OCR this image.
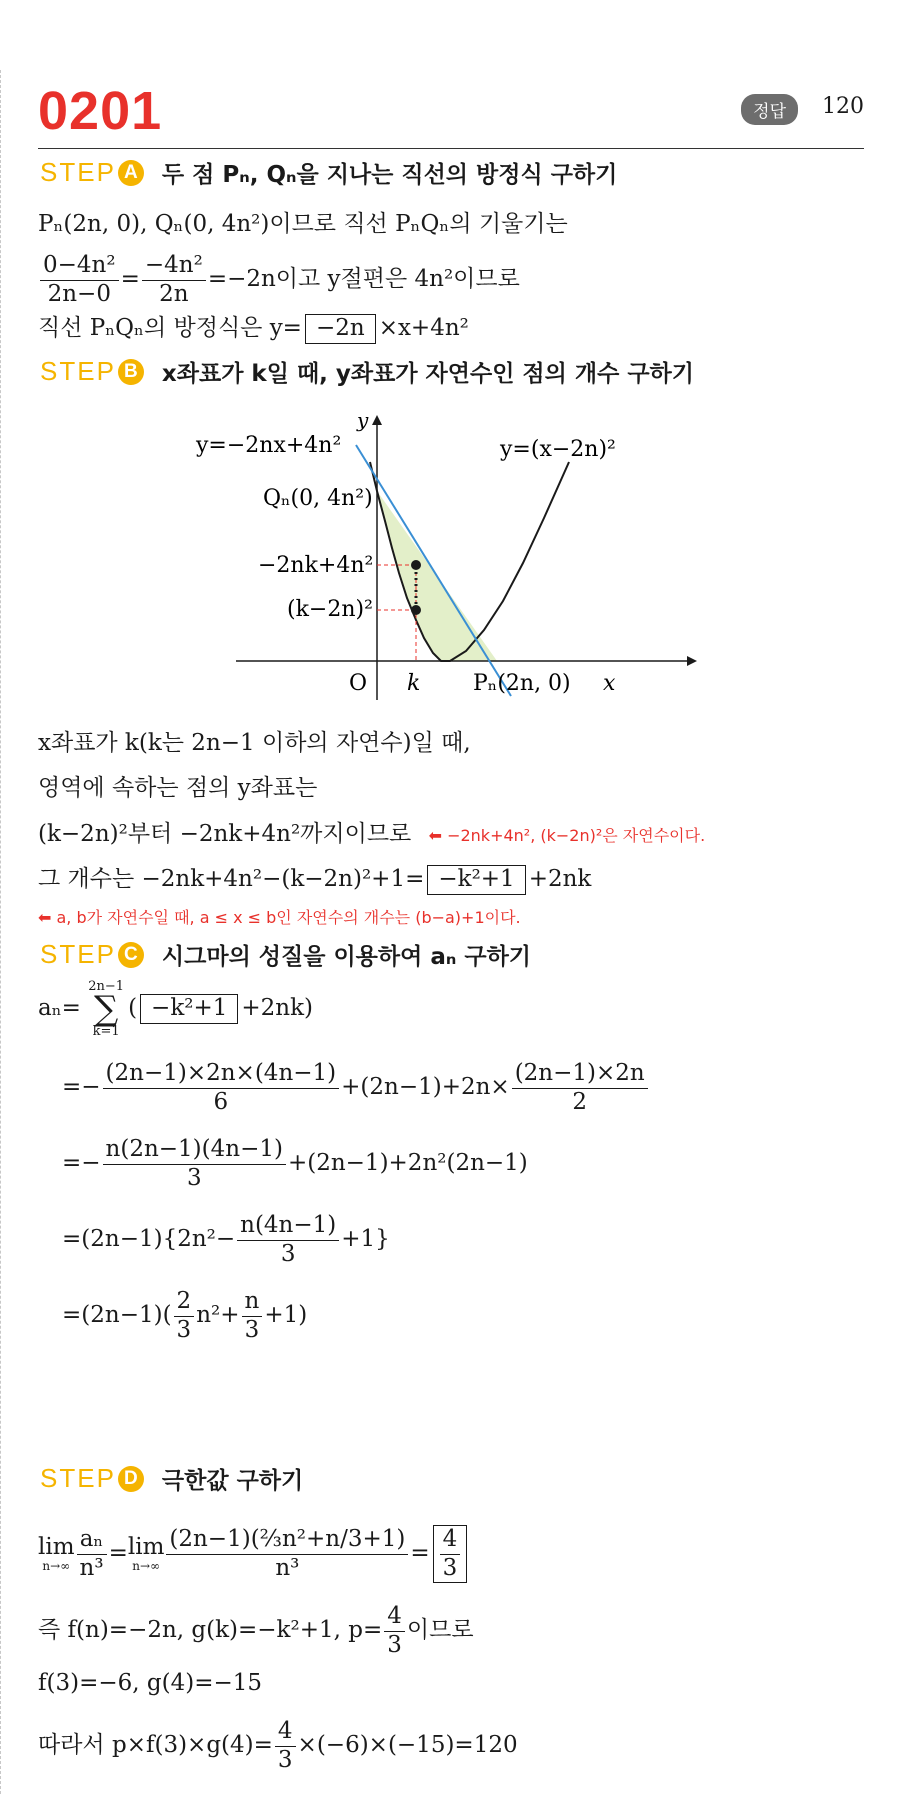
0201	정답	120
STEP A 두 점 Pₙ, Qₙ을 지나는 직선의 방정식 구하기
Pₙ(2n, 0), Qₙ(0, 4n²)이므로 직선 PₙQₙ의 기울기는
$\frac{\text{0−4n²}}{2n-0} = \frac{\text{−4n²}}{2n} =-2n$이고 y절편은 4n²이므로
직선 PₙQₙ의 방정식은 y= −2n ×x+4n²
STEP B x좌표가 k일 때, y좌표가 자연수인 점의 개수 구하기
y=−2nx+4n²	y=(x−2n)²
Qₙ(0, 4n²)
−2nk+4n²
(k−2n)²
O k Pₙ(2n, 0) x
y
x좌표가 k(k는 2n−1 이하의 자연수)일 때,
영역에 속하는 점의 y좌표는
(k−2n)²부터 −2nk+4n²까지이므로 ⬅ −2nk+4n², (k−2n)²은 자연수이다.
그 개수는 −2nk+4n²−(k−2n)²+1= −k²+1 +2nk
⬅ a, b가 자연수일 때, a ≤ x ≤ b인 자연수의 개수는 (b−a)+1이다.
STEP C 시그마의 성질을 이용하여 aₙ 구하기
aₙ= 2n−1
∑
k=1( −k²+1 +2nk)
=− $\frac{(2n-1)\times 2n\times(4n-1)}{6} +(2n-1)+2n\times \frac{(2n-1)\times 2n}{2}$
=− $\frac{n(2n-1)(4n-1)}{3} +(2n-1)+2n^2(2n-1)$
$=(2n-1)\{2n^2- \frac{n(4n-1)}{3} +1\}$
$=(2n-1)( \frac{2}{3} n^2+ \frac{n}{3} +1)$
STEP D 극한값 구하기
lim
$n\to\infty \frac{\text{aₙ}}{\text{n³}} =\lim$
$n\to\infty \frac{\text{(2n−1)(⅔n²+n/3+1)}}{\text{n³}} = \frac{4}{3}$
즉 f(n)=−2n, g(k)=−k²+1, $p= \frac{4}{3}$ 이므로
f(3)=−6, g(4)=−15
따라서 $p\times f(3)\times g(4)= \frac{4}{3} \times(-6)\times(-15)=120$
